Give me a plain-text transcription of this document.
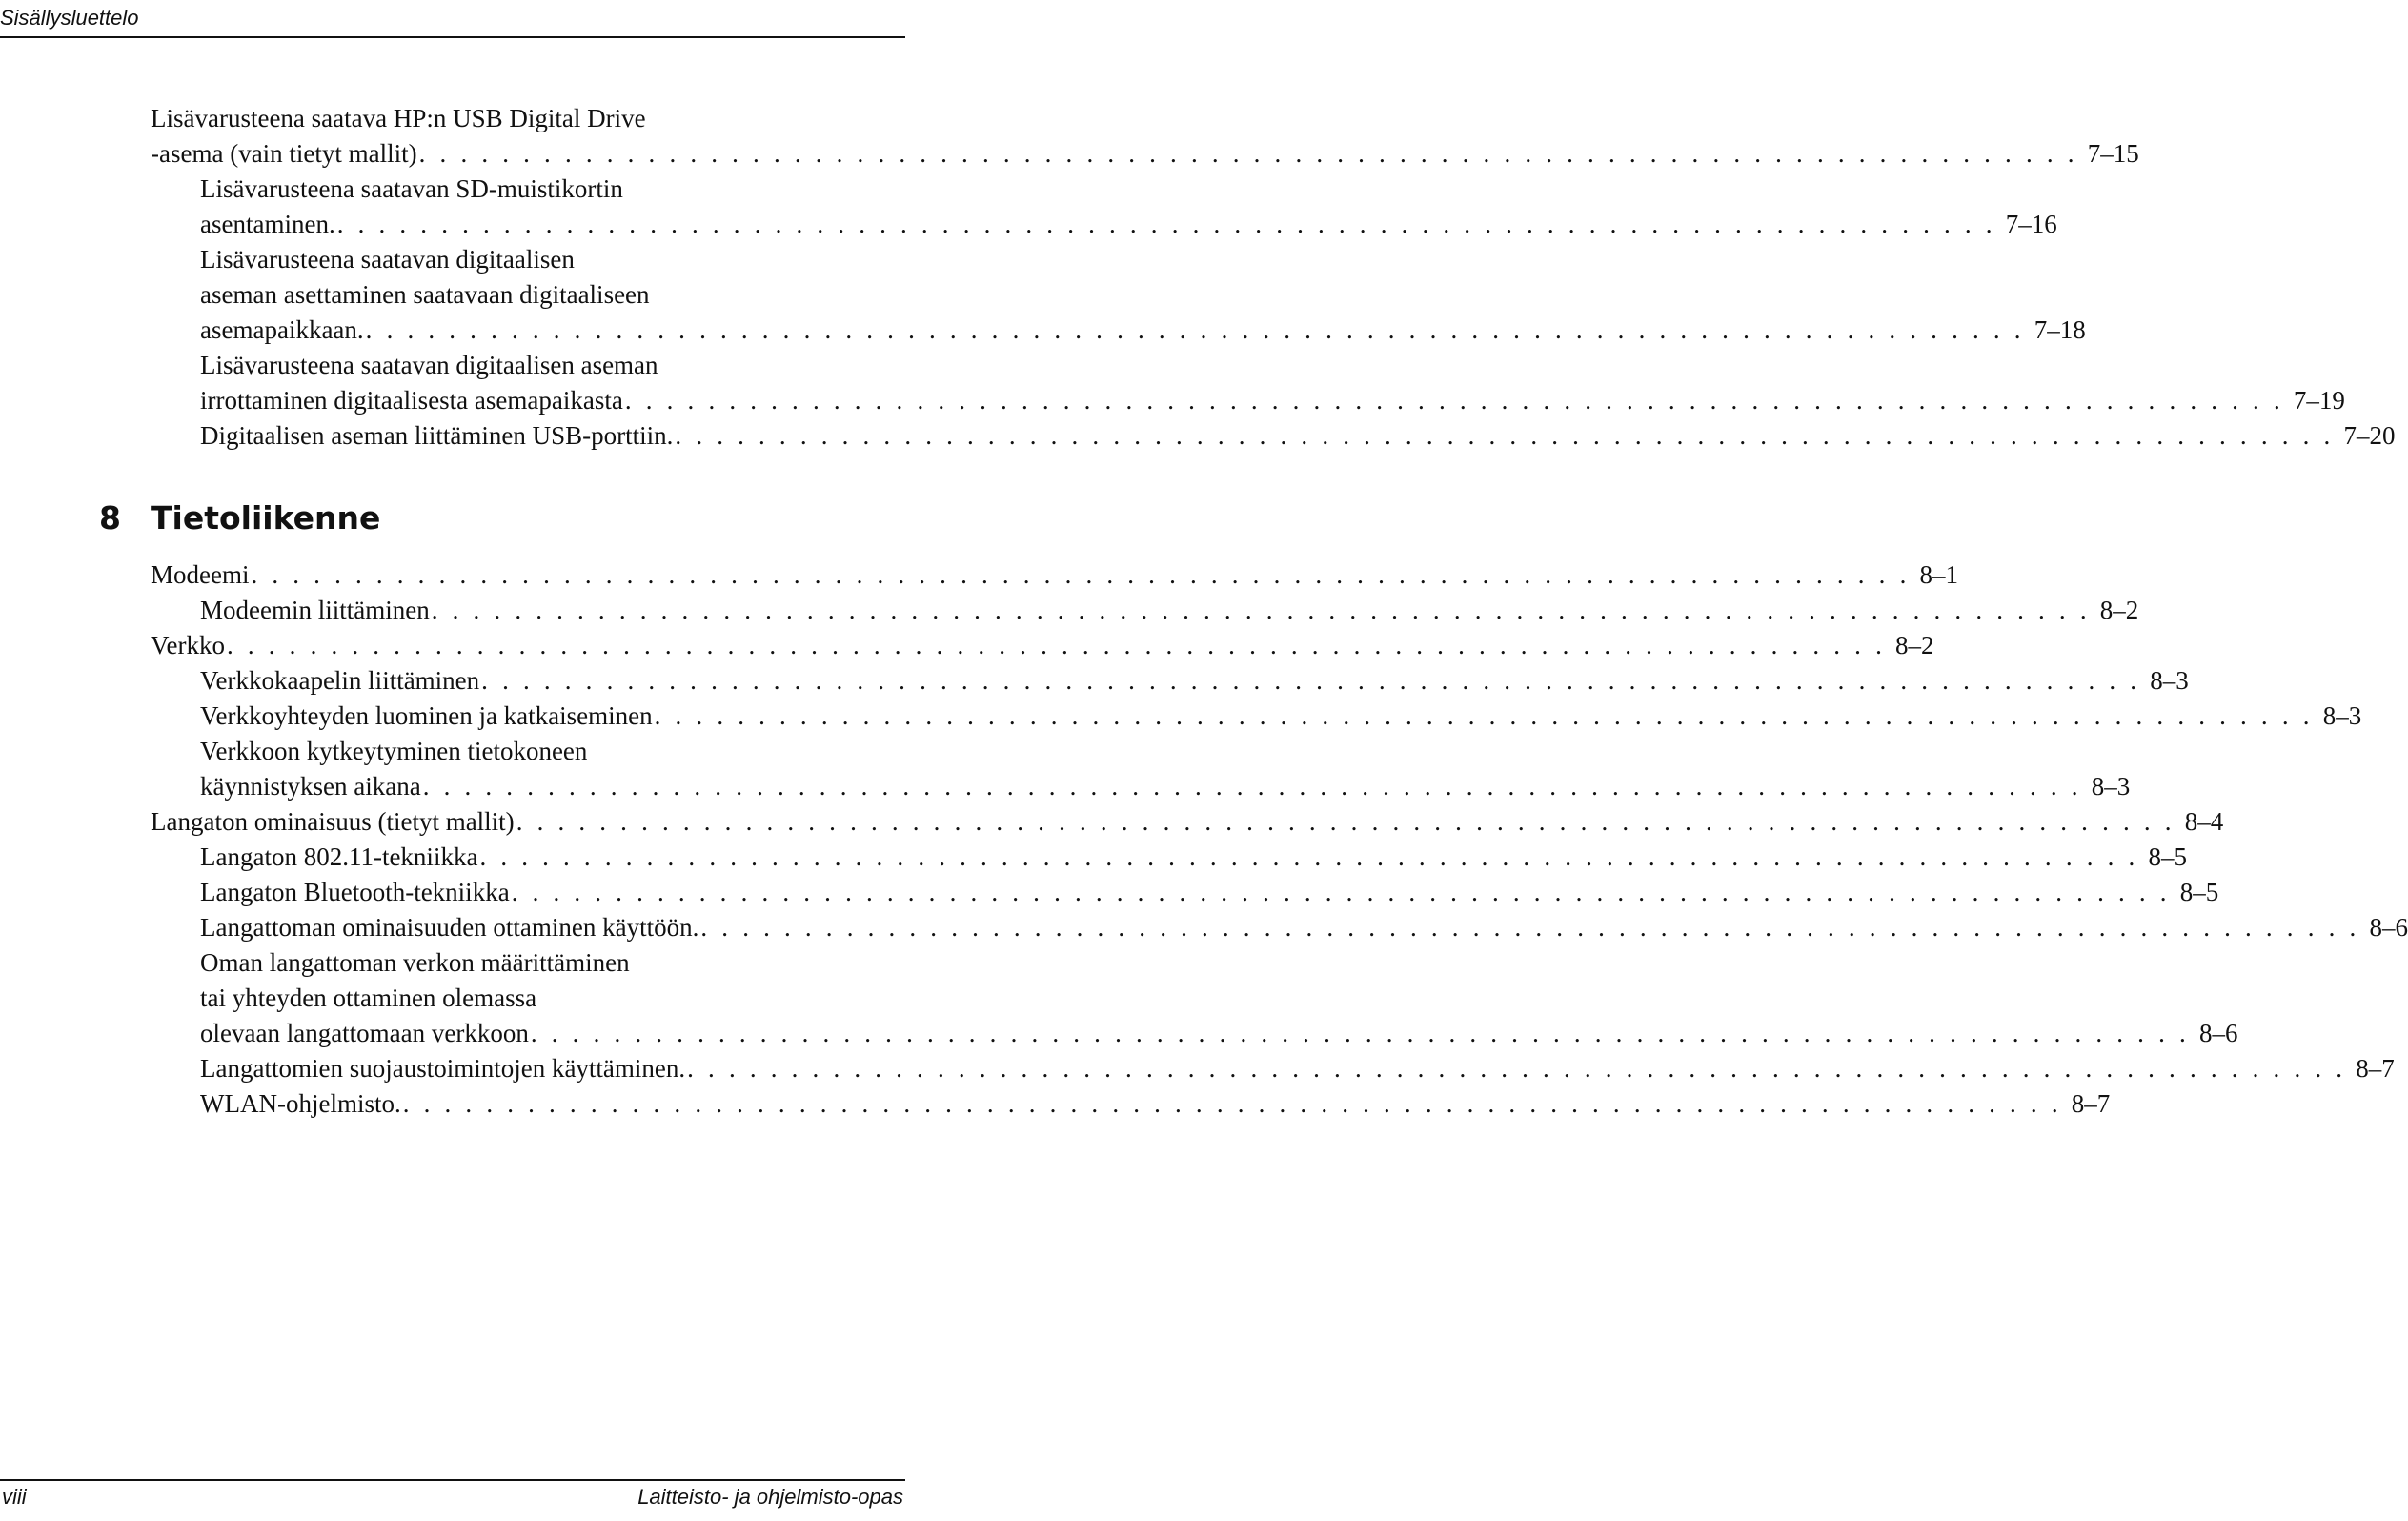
Sisällysluettelo
8 Tietoliikenne
Lisävarusteena saatava HP:n USB Digital Drive
-asema (vain tietyt mallit) . . . . . . . . . . . . . . . . . . . . . . . . . . . . . . . . . . . . . . . . . . . . . . . . . . . . . . . . . . . . . . . . . . . . . . . . . . . . . . . . 7–15
Lisävarusteena saatavan SD-muistikortin
asentaminen. . . . . . . . . . . . . . . . . . . . . . . . . . . . . . . . . . . . . . . . . . . . . . . . . . . . . . . . . . . . . . . . . . . . . . . . . . . . . . . . . 7–16
Lisävarusteena saatavan digitaalisen
aseman asettaminen saatavaan digitaaliseen
asemapaikkaan. . . . . . . . . . . . . . . . . . . . . . . . . . . . . . . . . . . . . . . . . . . . . . . . . . . . . . . . . . . . . . . . . . . . . . . . . . . . . . . . . 7–18
Lisävarusteena saatavan digitaalisen aseman
irrottaminen digitaalisesta asemapaikasta . . . . . . . . . . . . . . . . . . . . . . . . . . . . . . . . . . . . . . . . . . . . . . . . . . . . . . . . . . . . . . . . . . . . . . . . . . . . . . . . 7–19
Digitaalisen aseman liittäminen USB-porttiin. . . . . . . . . . . . . . . . . . . . . . . . . . . . . . . . . . . . . . . . . . . . . . . . . . . . . . . . . . . . . . . . . . . . . . . . . . . . . . . . . 7–20
Modeemi . . . . . . . . . . . . . . . . . . . . . . . . . . . . . . . . . . . . . . . . . . . . . . . . . . . . . . . . . . . . . . . . . . . . . . . . . . . . . . . . 8–1
Modeemin liittäminen . . . . . . . . . . . . . . . . . . . . . . . . . . . . . . . . . . . . . . . . . . . . . . . . . . . . . . . . . . . . . . . . . . . . . . . . . . . . . . . . 8–2
Verkko . . . . . . . . . . . . . . . . . . . . . . . . . . . . . . . . . . . . . . . . . . . . . . . . . . . . . . . . . . . . . . . . . . . . . . . . . . . . . . . . 8–2
Verkkokaapelin liittäminen . . . . . . . . . . . . . . . . . . . . . . . . . . . . . . . . . . . . . . . . . . . . . . . . . . . . . . . . . . . . . . . . . . . . . . . . . . . . . . . . 8–3
Verkkoyhteyden luominen ja katkaiseminen . . . . . . . . . . . . . . . . . . . . . . . . . . . . . . . . . . . . . . . . . . . . . . . . . . . . . . . . . . . . . . . . . . . . . . . . . . . . . . . . 8–3
Verkkoon kytkeytyminen tietokoneen
käynnistyksen aikana . . . . . . . . . . . . . . . . . . . . . . . . . . . . . . . . . . . . . . . . . . . . . . . . . . . . . . . . . . . . . . . . . . . . . . . . . . . . . . . . 8–3
Langaton ominaisuus (tietyt mallit) . . . . . . . . . . . . . . . . . . . . . . . . . . . . . . . . . . . . . . . . . . . . . . . . . . . . . . . . . . . . . . . . . . . . . . . . . . . . . . . . 8–4
Langaton 802.11-tekniikka . . . . . . . . . . . . . . . . . . . . . . . . . . . . . . . . . . . . . . . . . . . . . . . . . . . . . . . . . . . . . . . . . . . . . . . . . . . . . . . . 8–5
Langaton Bluetooth-tekniikka . . . . . . . . . . . . . . . . . . . . . . . . . . . . . . . . . . . . . . . . . . . . . . . . . . . . . . . . . . . . . . . . . . . . . . . . . . . . . . . . 8–5
Langattoman ominaisuuden ottaminen käyttöön. . . . . . . . . . . . . . . . . . . . . . . . . . . . . . . . . . . . . . . . . . . . . . . . . . . . . . . . . . . . . . . . . . . . . . . . . . . . . . . . . 8–6
Oman langattoman verkon määrittäminen
tai yhteyden ottaminen olemassa
olevaan langattomaan verkkoon . . . . . . . . . . . . . . . . . . . . . . . . . . . . . . . . . . . . . . . . . . . . . . . . . . . . . . . . . . . . . . . . . . . . . . . . . . . . . . . . 8–6
Langattomien suojaustoimintojen käyttäminen. . . . . . . . . . . . . . . . . . . . . . . . . . . . . . . . . . . . . . . . . . . . . . . . . . . . . . . . . . . . . . . . . . . . . . . . . . . . . . . . . 8–7
WLAN-ohjelmisto. . . . . . . . . . . . . . . . . . . . . . . . . . . . . . . . . . . . . . . . . . . . . . . . . . . . . . . . . . . . . . . . . . . . . . . . . . . . . . . . . 8–7
viii	Laitteisto- ja ohjelmisto-opas
